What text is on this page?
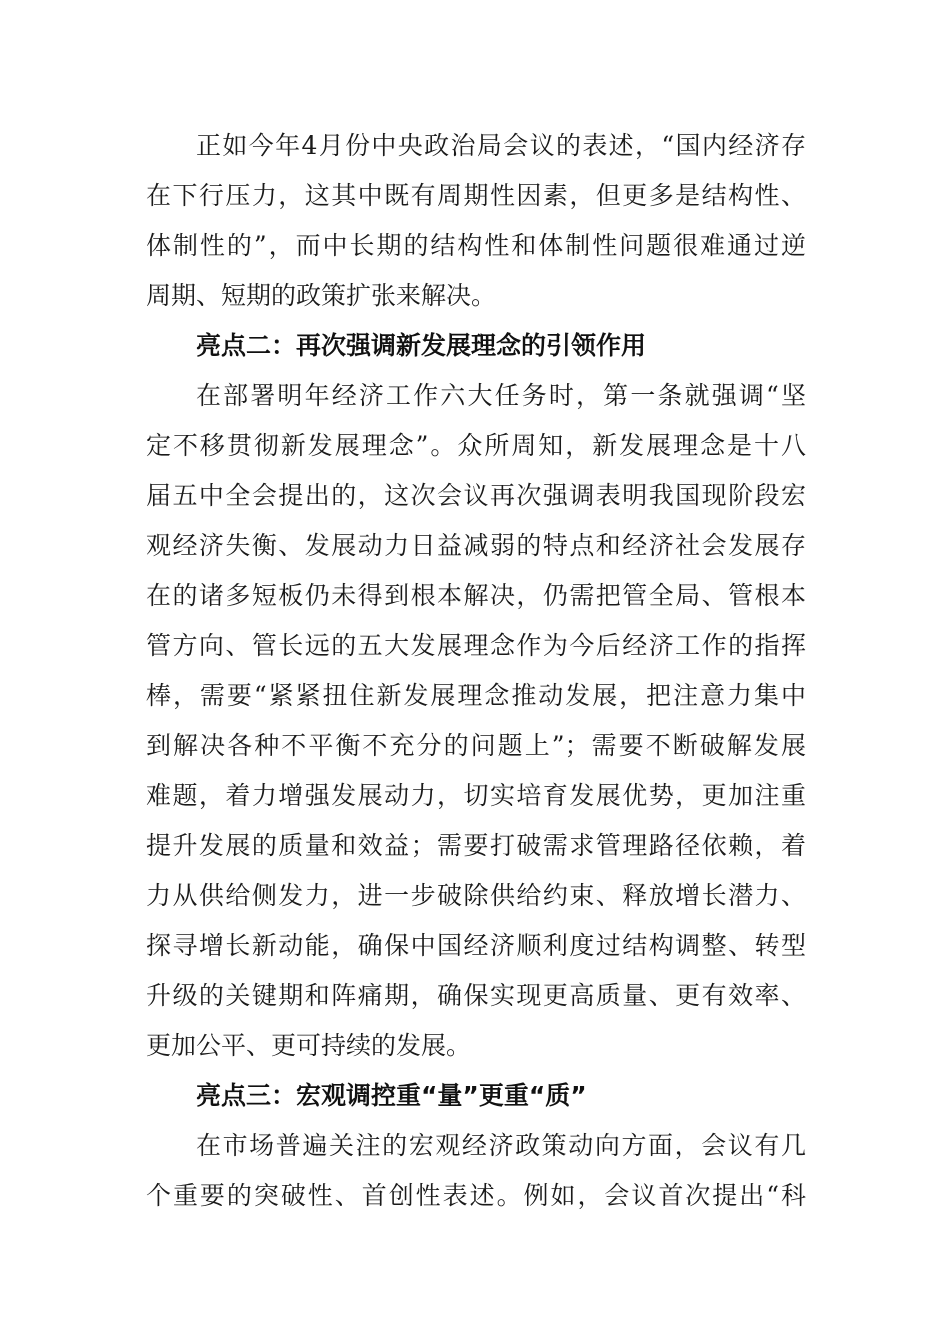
正如今年4月份中央政治局会议的表述，“国内经济存
在下行压力，这其中既有周期性因素，但更多是结构性、
体制性的”，而中长期的结构性和体制性问题很难通过逆
周期、短期的政策扩张来解决。
亮点二：再次强调新发展理念的引领作用
在部署明年经济工作六大任务时，第一条就强调“坚
定不移贯彻新发展理念”。众所周知，新发展理念是十八
届五中全会提出的，这次会议再次强调表明我国现阶段宏
观经济失衡、发展动力日益减弱的特点和经济社会发展存
在的诸多短板仍未得到根本解决，仍需把管全局、管根本
管方向、管长远的五大发展理念作为今后经济工作的指挥
棒，需要“紧紧扭住新发展理念推动发展，把注意力集中
到解决各种不平衡不充分的问题上”；需要不断破解发展
难题，着力增强发展动力，切实培育发展优势，更加注重
提升发展的质量和效益；需要打破需求管理路径依赖，着
力从供给侧发力，进一步破除供给约束、释放增长潜力、
探寻增长新动能，确保中国经济顺利度过结构调整、转型
升级的关键期和阵痛期，确保实现更高质量、更有效率、
更加公平、更可持续的发展。
亮点三：宏观调控重“量”更重“质”
在市场普遍关注的宏观经济政策动向方面，会议有几
个重要的突破性、首创性表述。例如，会议首次提出“科
